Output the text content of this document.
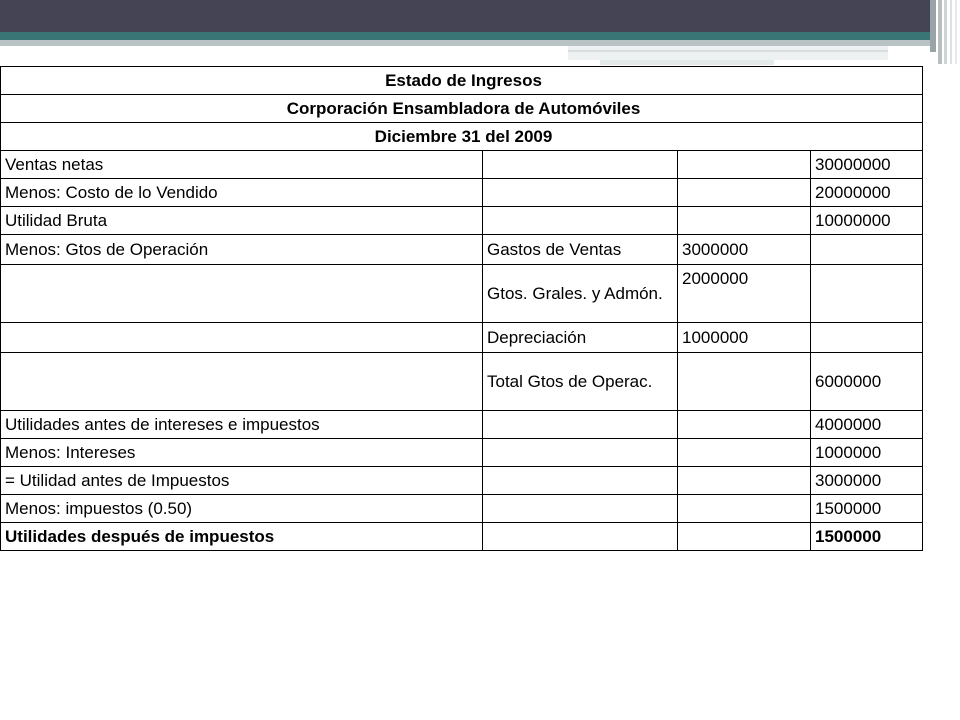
Estado de Ingresos			
Corporación Ensambladora de Automóviles			
Diciembre 31 del 2009			
Ventas netas			30000000
Menos: Costo de lo Vendido			20000000
Utilidad Bruta			10000000
Menos: Gtos de Operación	Gastos de Ventas	3000000	
	Gtos. Grales. y Admón.	2000000	
	Depreciación	1000000	
	Total Gtos de Operac.		6000000
Utilidades antes de intereses e impuestos			4000000
Menos: Intereses			1000000
= Utilidad antes de Impuestos			3000000
Menos: impuestos (0.50)			1500000
Utilidades después de impuestos			1500000
